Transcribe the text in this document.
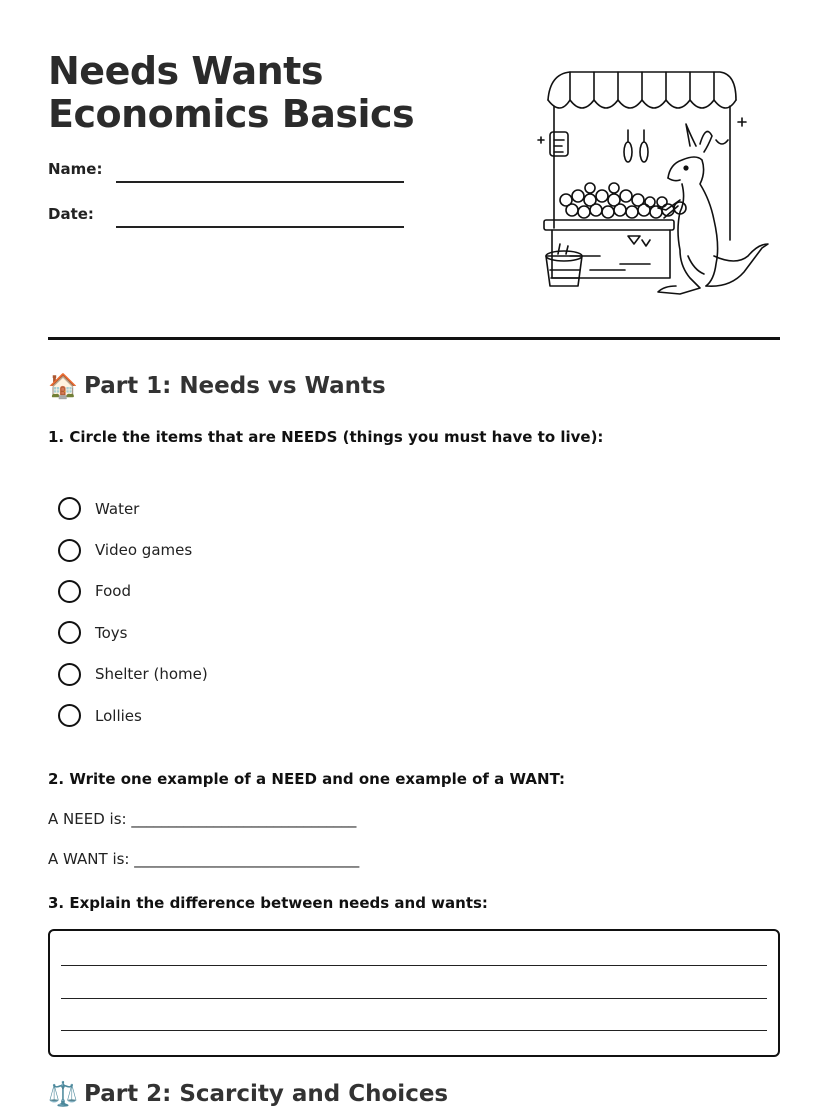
Needs Wants Economics Basics
Name:
Date:
🏠 Part 1: Needs vs Wants
1. Circle the items that are NEEDS (things you must have to live):
Water
Video games
Food
Toys
Shelter (home)
Lollies
2. Write one example of a NEED and one example of a WANT:
A NEED is: ______________________________
A WANT is: ______________________________
3. Explain the difference between needs and wants:
⚖️ Part 2: Scarcity and Choices
